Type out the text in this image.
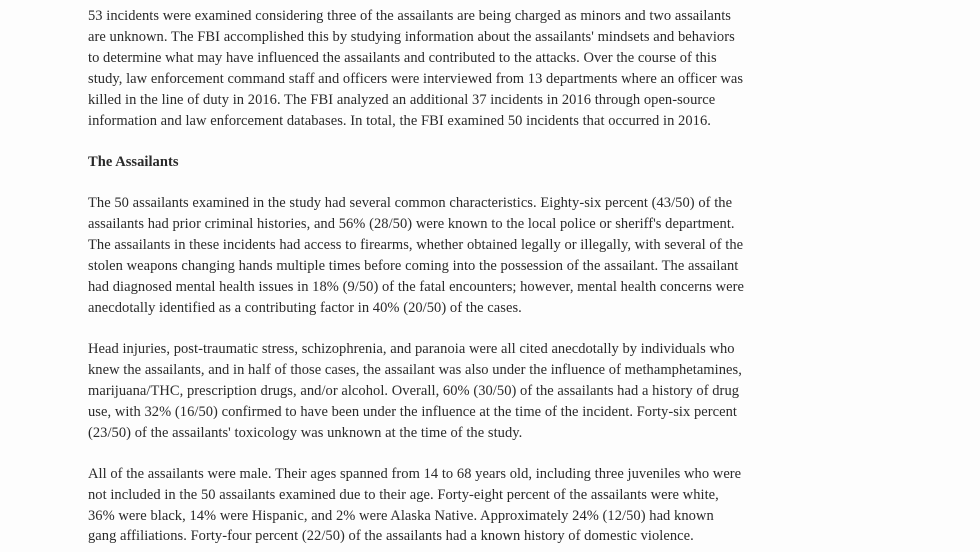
53 incidents were examined considering three of the assailants are being charged as minors and two assailants
are unknown. The FBI accomplished this by studying information about the assailants' mindsets and behaviors
to determine what may have influenced the assailants and contributed to the attacks. Over the course of this
study, law enforcement command staff and officers were interviewed from 13 departments where an officer was
killed in the line of duty in 2016. The FBI analyzed an additional 37 incidents in 2016 through open-source
information and law enforcement databases. In total, the FBI examined 50 incidents that occurred in 2016.
The Assailants
The 50 assailants examined in the study had several common characteristics. Eighty-six percent (43/50) of the
assailants had prior criminal histories, and 56% (28/50) were known to the local police or sheriff's department.
The assailants in these incidents had access to firearms, whether obtained legally or illegally, with several of the
stolen weapons changing hands multiple times before coming into the possession of the assailant. The assailant
had diagnosed mental health issues in 18% (9/50) of the fatal encounters; however, mental health concerns were
anecdotally identified as a contributing factor in 40% (20/50) of the cases.
Head injuries, post-traumatic stress, schizophrenia, and paranoia were all cited anecdotally by individuals who
knew the assailants, and in half of those cases, the assailant was also under the influence of methamphetamines,
marijuana/THC, prescription drugs, and/or alcohol. Overall, 60% (30/50) of the assailants had a history of drug
use, with 32% (16/50) confirmed to have been under the influence at the time of the incident. Forty-six percent
(23/50) of the assailants' toxicology was unknown at the time of the study.
All of the assailants were male. Their ages spanned from 14 to 68 years old, including three juveniles who were
not included in the 50 assailants examined due to their age. Forty-eight percent of the assailants were white,
36% were black, 14% were Hispanic, and 2% were Alaska Native. Approximately 24% (12/50) had known
gang affiliations. Forty-four percent (22/50) of the assailants had a known history of domestic violence.
